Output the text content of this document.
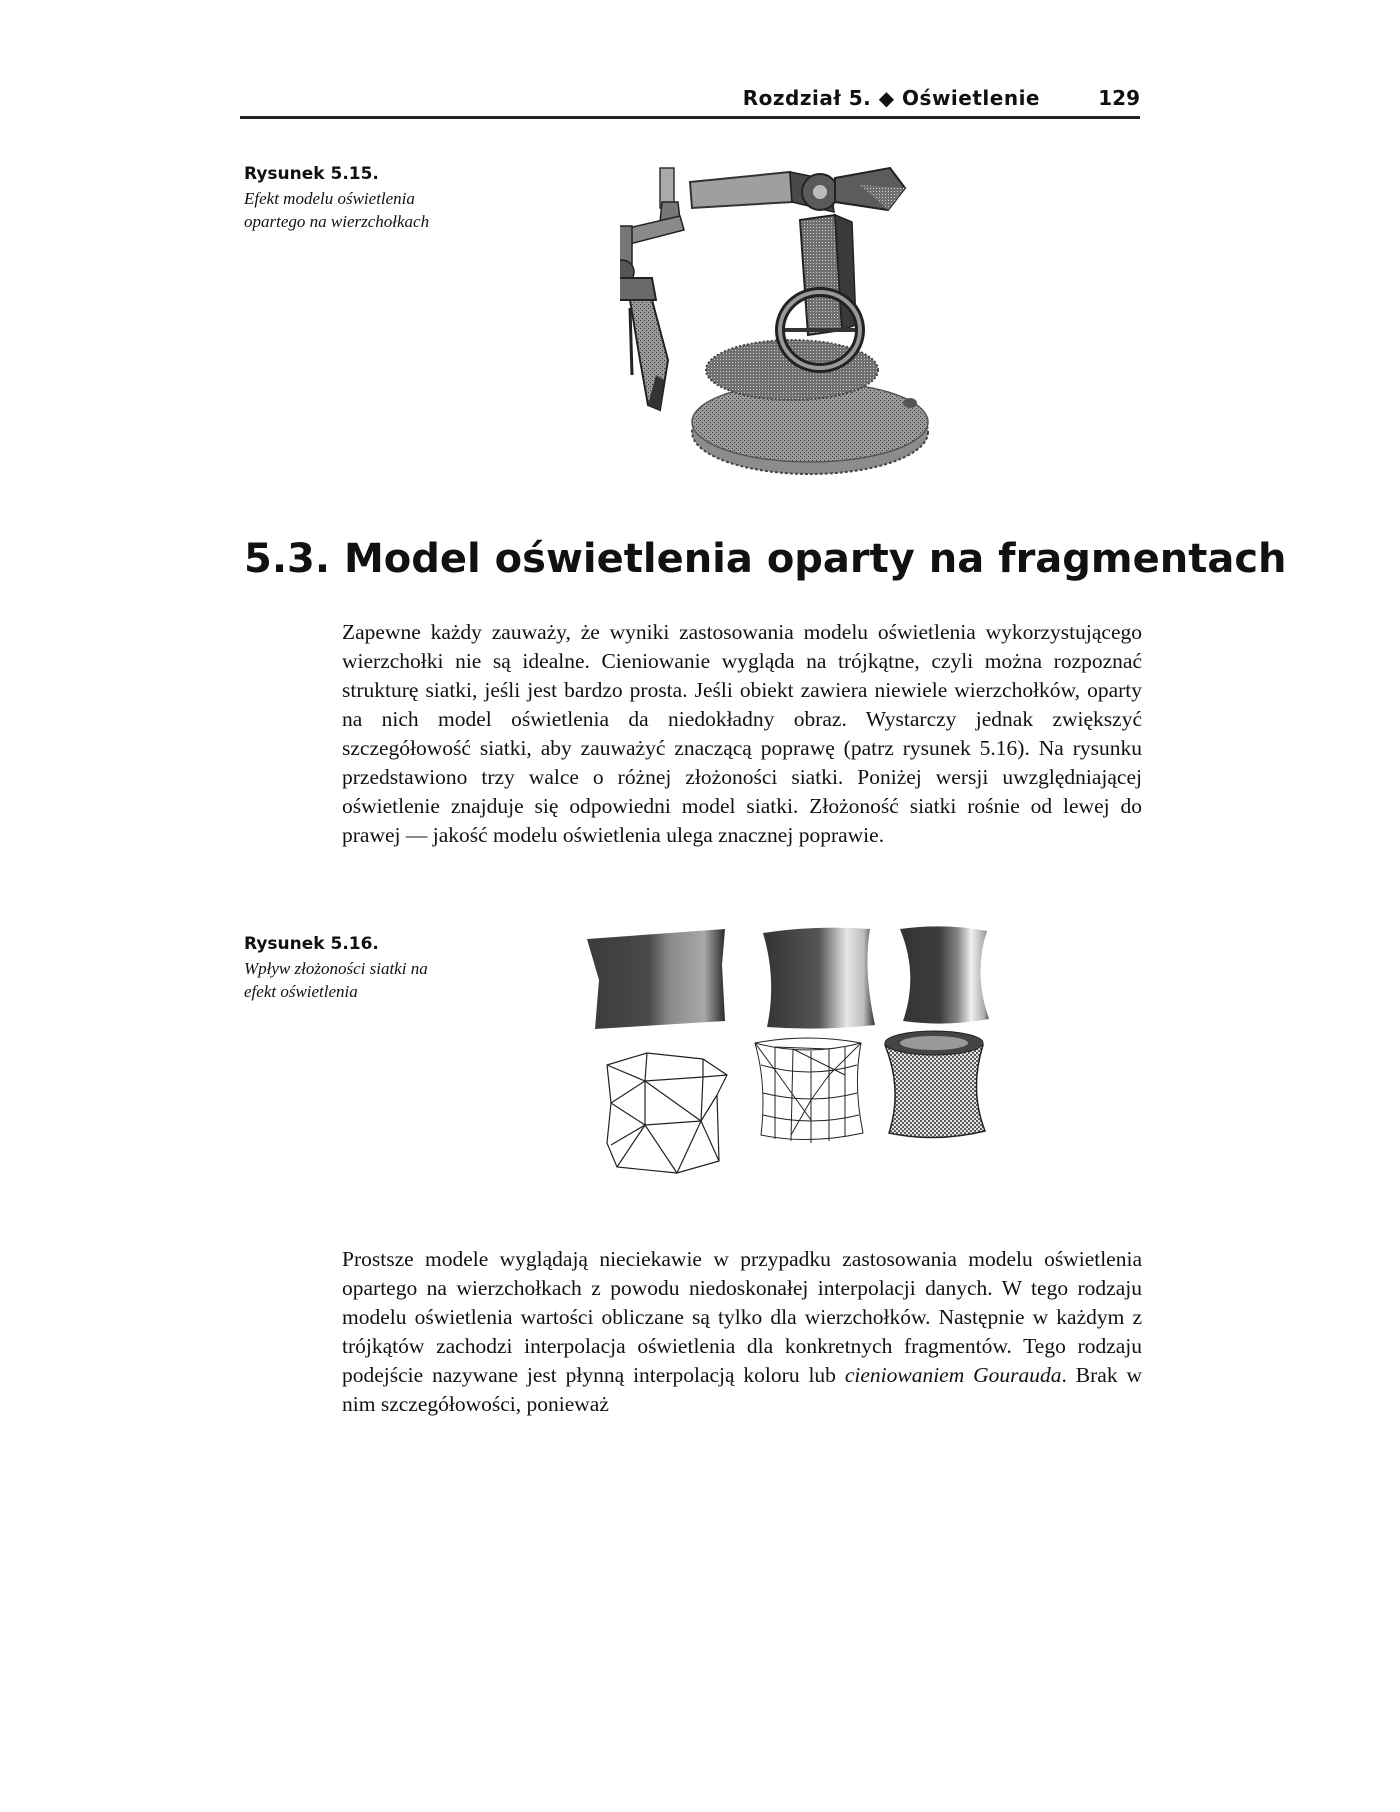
Rozdział 5. ◆ Oświetlenie	129
Rysunek 5.15.
Efekt modelu oświetlenia opartego na wierzchołkach
5.3. Model oświetlenia oparty na fragmentach

Zapewne każdy zauważy, że wyniki zastosowania modelu oświetlenia wykorzystującego wierzchołki nie są idealne. Cieniowanie wygląda na trójkątne, czyli można rozpoznać strukturę siatki, jeśli jest bardzo prosta. Jeśli obiekt zawiera niewiele wierzchołków, oparty na nich model oświetlenia da niedokładny obraz. Wystarczy jednak zwiększyć szczegółowość siatki, aby zauważyć znaczącą poprawę (patrz rysunek 5.16). Na rysunku przedstawiono trzy walce o różnej złożoności siatki. Poniżej wersji uwzględniającej oświetlenie znajduje się odpowiedni model siatki. Złożoność siatki rośnie od lewej do prawej — jakość modelu oświetlenia ulega znacznej poprawie.

Rysunek 5.16.
Wpływ złożoności siatki na efekt oświetlenia

Prostsze modele wyglądają nieciekawie w przypadku zastosowania modelu oświetlenia opartego na wierzchołkach z powodu niedoskonałej interpolacji danych. W tego rodzaju modelu oświetlenia wartości obliczane są tylko dla wierzchołków. Następnie w każdym z trójkątów zachodzi interpolacja oświetlenia dla konkretnych fragmentów. Tego rodzaju podejście nazywane jest płynną interpolacją koloru lub cieniowaniem Gourauda. Brak w nim szczegółowości, ponieważ
